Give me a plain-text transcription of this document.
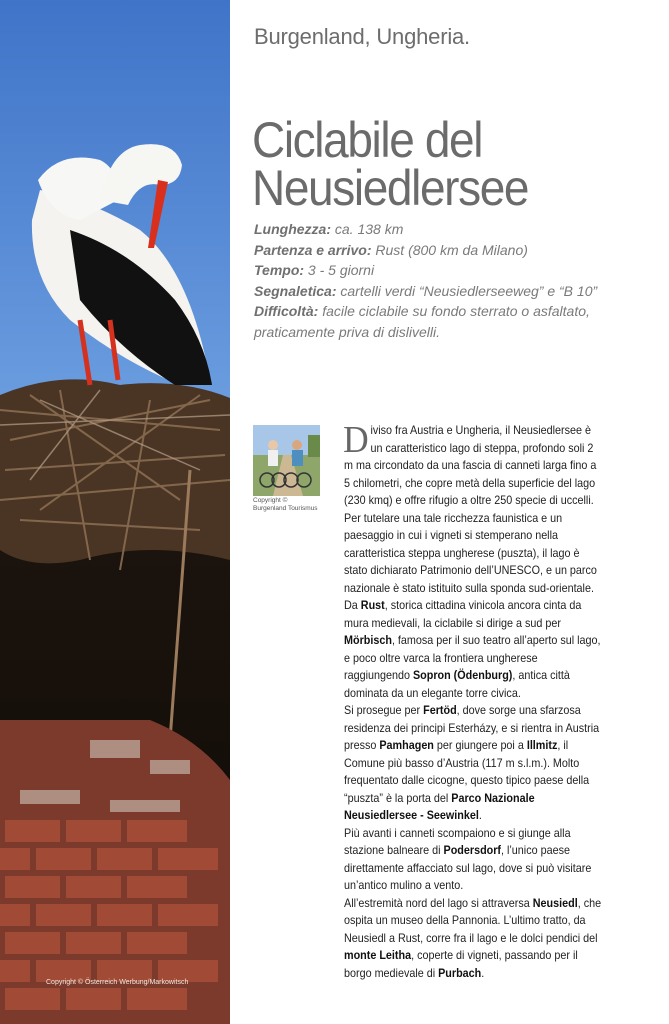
Copyright © Österreich Werbung/Markowitsch
Burgenland, Ungheria.
Ciclabile del
Neusiedlersee
Lunghezza: ca. 138 km
Partenza e arrivo: Rust (800 km da Milano)
Tempo: 3 - 5 giorni
Segnaletica: cartelli verdi “Neusiedlerseeweg” e “B 10”
Difficoltà: facile ciclabile su fondo sterrato o asfaltato, praticamente priva di dislivelli.
Copyright ©
Burgenland Tourismus

Diviso fra Austria e Ungheria, il Neusiedlersee è un caratteristico lago di steppa, profondo soli 2 m ma circondato da una fascia di canneti larga fino a 5 chilometri, che copre metà della superficie del lago (230 kmq) e offre rifugio a oltre 250 specie di uccelli. Per tutelare una tale ricchezza faunistica e un paesaggio in cui i vigneti si stemperano nella caratteristica steppa ungherese (puszta), il lago è stato dichiarato Patrimonio dell’UNESCO, e un parco nazionale è stato istituito sulla sponda sud-orientale.

Da Rust, storica cittadina vinicola ancora cinta da mura medievali, la ciclabile si dirige a sud per Mörbisch, famosa per il suo teatro all’aperto sul lago, e poco oltre varca la frontiera ungherese raggiungendo Sopron (Ödenburg), antica città dominata da un elegante torre civica.

Si prosegue per Fertöd, dove sorge una sfarzosa residenza dei principi Esterházy, e si rientra in Austria presso Pamhagen per giungere poi a Illmitz, il Comune più basso d’Austria (117 m s.l.m.). Molto frequentato dalle cicogne, questo tipico paese della “puszta” è la porta del Parco Nazionale Neusiedlersee - Seewinkel.

Più avanti i canneti scompaiono e si giunge alla stazione balneare di Podersdorf, l’unico paese direttamente affacciato sul lago, dove si può visitare un’antico mulino a vento.

All’estremità nord del lago si attraversa Neusiedl, che ospita un museo della Pannonia. L’ultimo tratto, da Neusiedl a Rust, corre fra il lago e le dolci pendici del monte Leitha, coperte di vigneti, passando per il borgo medievale di Purbach.
